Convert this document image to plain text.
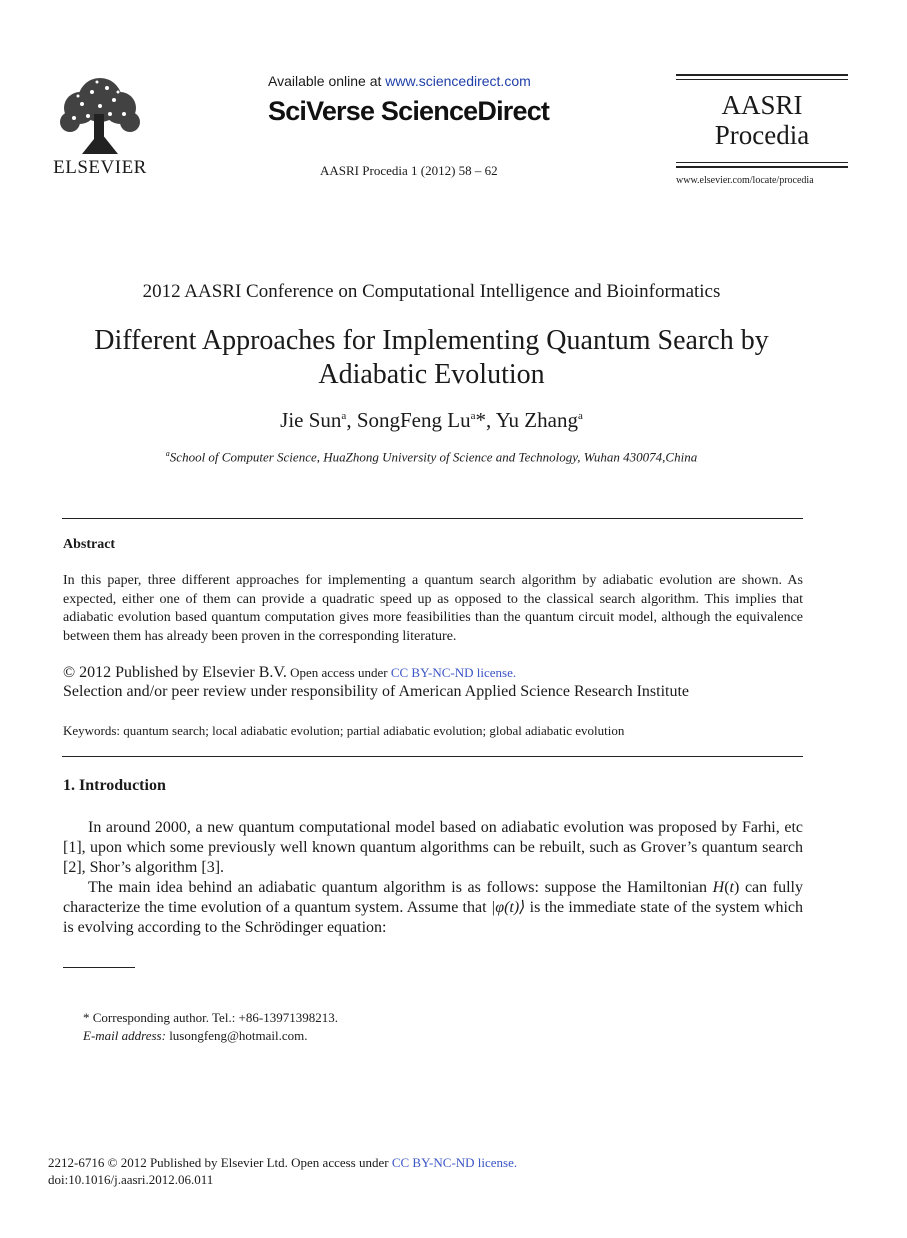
ELSEVIER
Available online at www.sciencedirect.com
SciVerse ScienceDirect
AASRI Procedia 1 (2012) 58 – 62
AASRI
Procedia
www.elsevier.com/locate/procedia
2012 AASRI Conference on Computational Intelligence and Bioinformatics
Different Approaches for Implementing Quantum Search by
Adiabatic Evolution
Jie Sun$^a$, SongFeng Lu$^a$*, Yu Zhang$^a$
$^a$School of Computer Science, HuaZhong University of Science and Technology, Wuhan 430074,China
Abstract
In this paper, three different approaches for implementing a quantum search algorithm by adiabatic evolution are shown. As expected, either one of them can provide a quadratic speed up as opposed to the classical search algorithm. This implies that adiabatic evolution based quantum computation gives more feasibilities than the quantum circuit model, although the equivalence between them has already been proven in the corresponding literature.
© 2012 Published by Elsevier B.V. Open access under CC BY-NC-ND license.
Selection and/or peer review under responsibility of American Applied Science Research Institute
Keywords: quantum search; local adiabatic evolution; partial adiabatic evolution; global adiabatic evolution
1. Introduction

In around 2000, a new quantum computational model based on adiabatic evolution was proposed by Farhi, etc [1], upon which some previously well known quantum algorithms can be rebuilt, such as Grover’s quantum search [2], Shor’s algorithm [3].

The main idea behind an adiabatic quantum algorithm is as follows: suppose the Hamiltonian H(t) can fully characterize the time evolution of a quantum system. Assume that |φ(t)⟩ is the immediate state of the system which is evolving according to the Schrödinger equation:

* Corresponding author. Tel.: +86-13971398213.
E-mail address: lusongfeng@hotmail.com.
2212-6716 © 2012 Published by Elsevier Ltd. Open access under CC BY-NC-ND license.
doi:10.1016/j.aasri.2012.06.011
